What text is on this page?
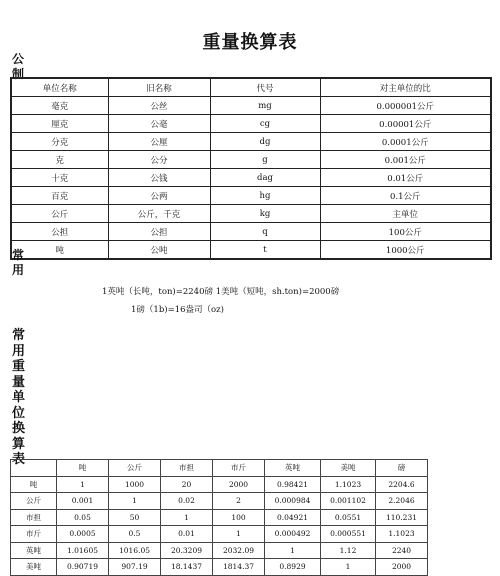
重量换算表
公制
单位名称	旧名称	代号	对主单位的比
毫克	公丝	mg	0.000001公斤
厘克	公毫	cg	0.00001公斤
分克	公厘	dg	0.0001公斤
克	公分	g	0.001公斤
十克	公钱	dag	0.01公斤
百克	公两	hg	0.1公斤
公斤	公斤，千克	kg	主单位
公担	公担	q	100公斤
吨	公吨	t	1000公斤
常用
1英吨（长吨，ton)=2240磅 1美吨（短吨，sh.ton)=2000磅
1磅（1b)=16盎司（oz)
常用重量单位换算表
	吨	公斤	市担	市斤	英吨	美吨	磅
吨	1	1000	20	2000	0.98421	1.1023	2204.6
公斤	0.001	1	0.02	2	0.000984	0.001102	2.2046
市担	0.05	50	1	100	0.04921	0.0551	110.231
市斤	0.0005	0.5	0.01	1	0.000492	0.000551	1.1023
英吨	1.01605	1016.05	20.3209	2032.09	1	1.12	2240
美吨	0.90719	907.19	18.1437	1814.37	0.8929	1	2000
